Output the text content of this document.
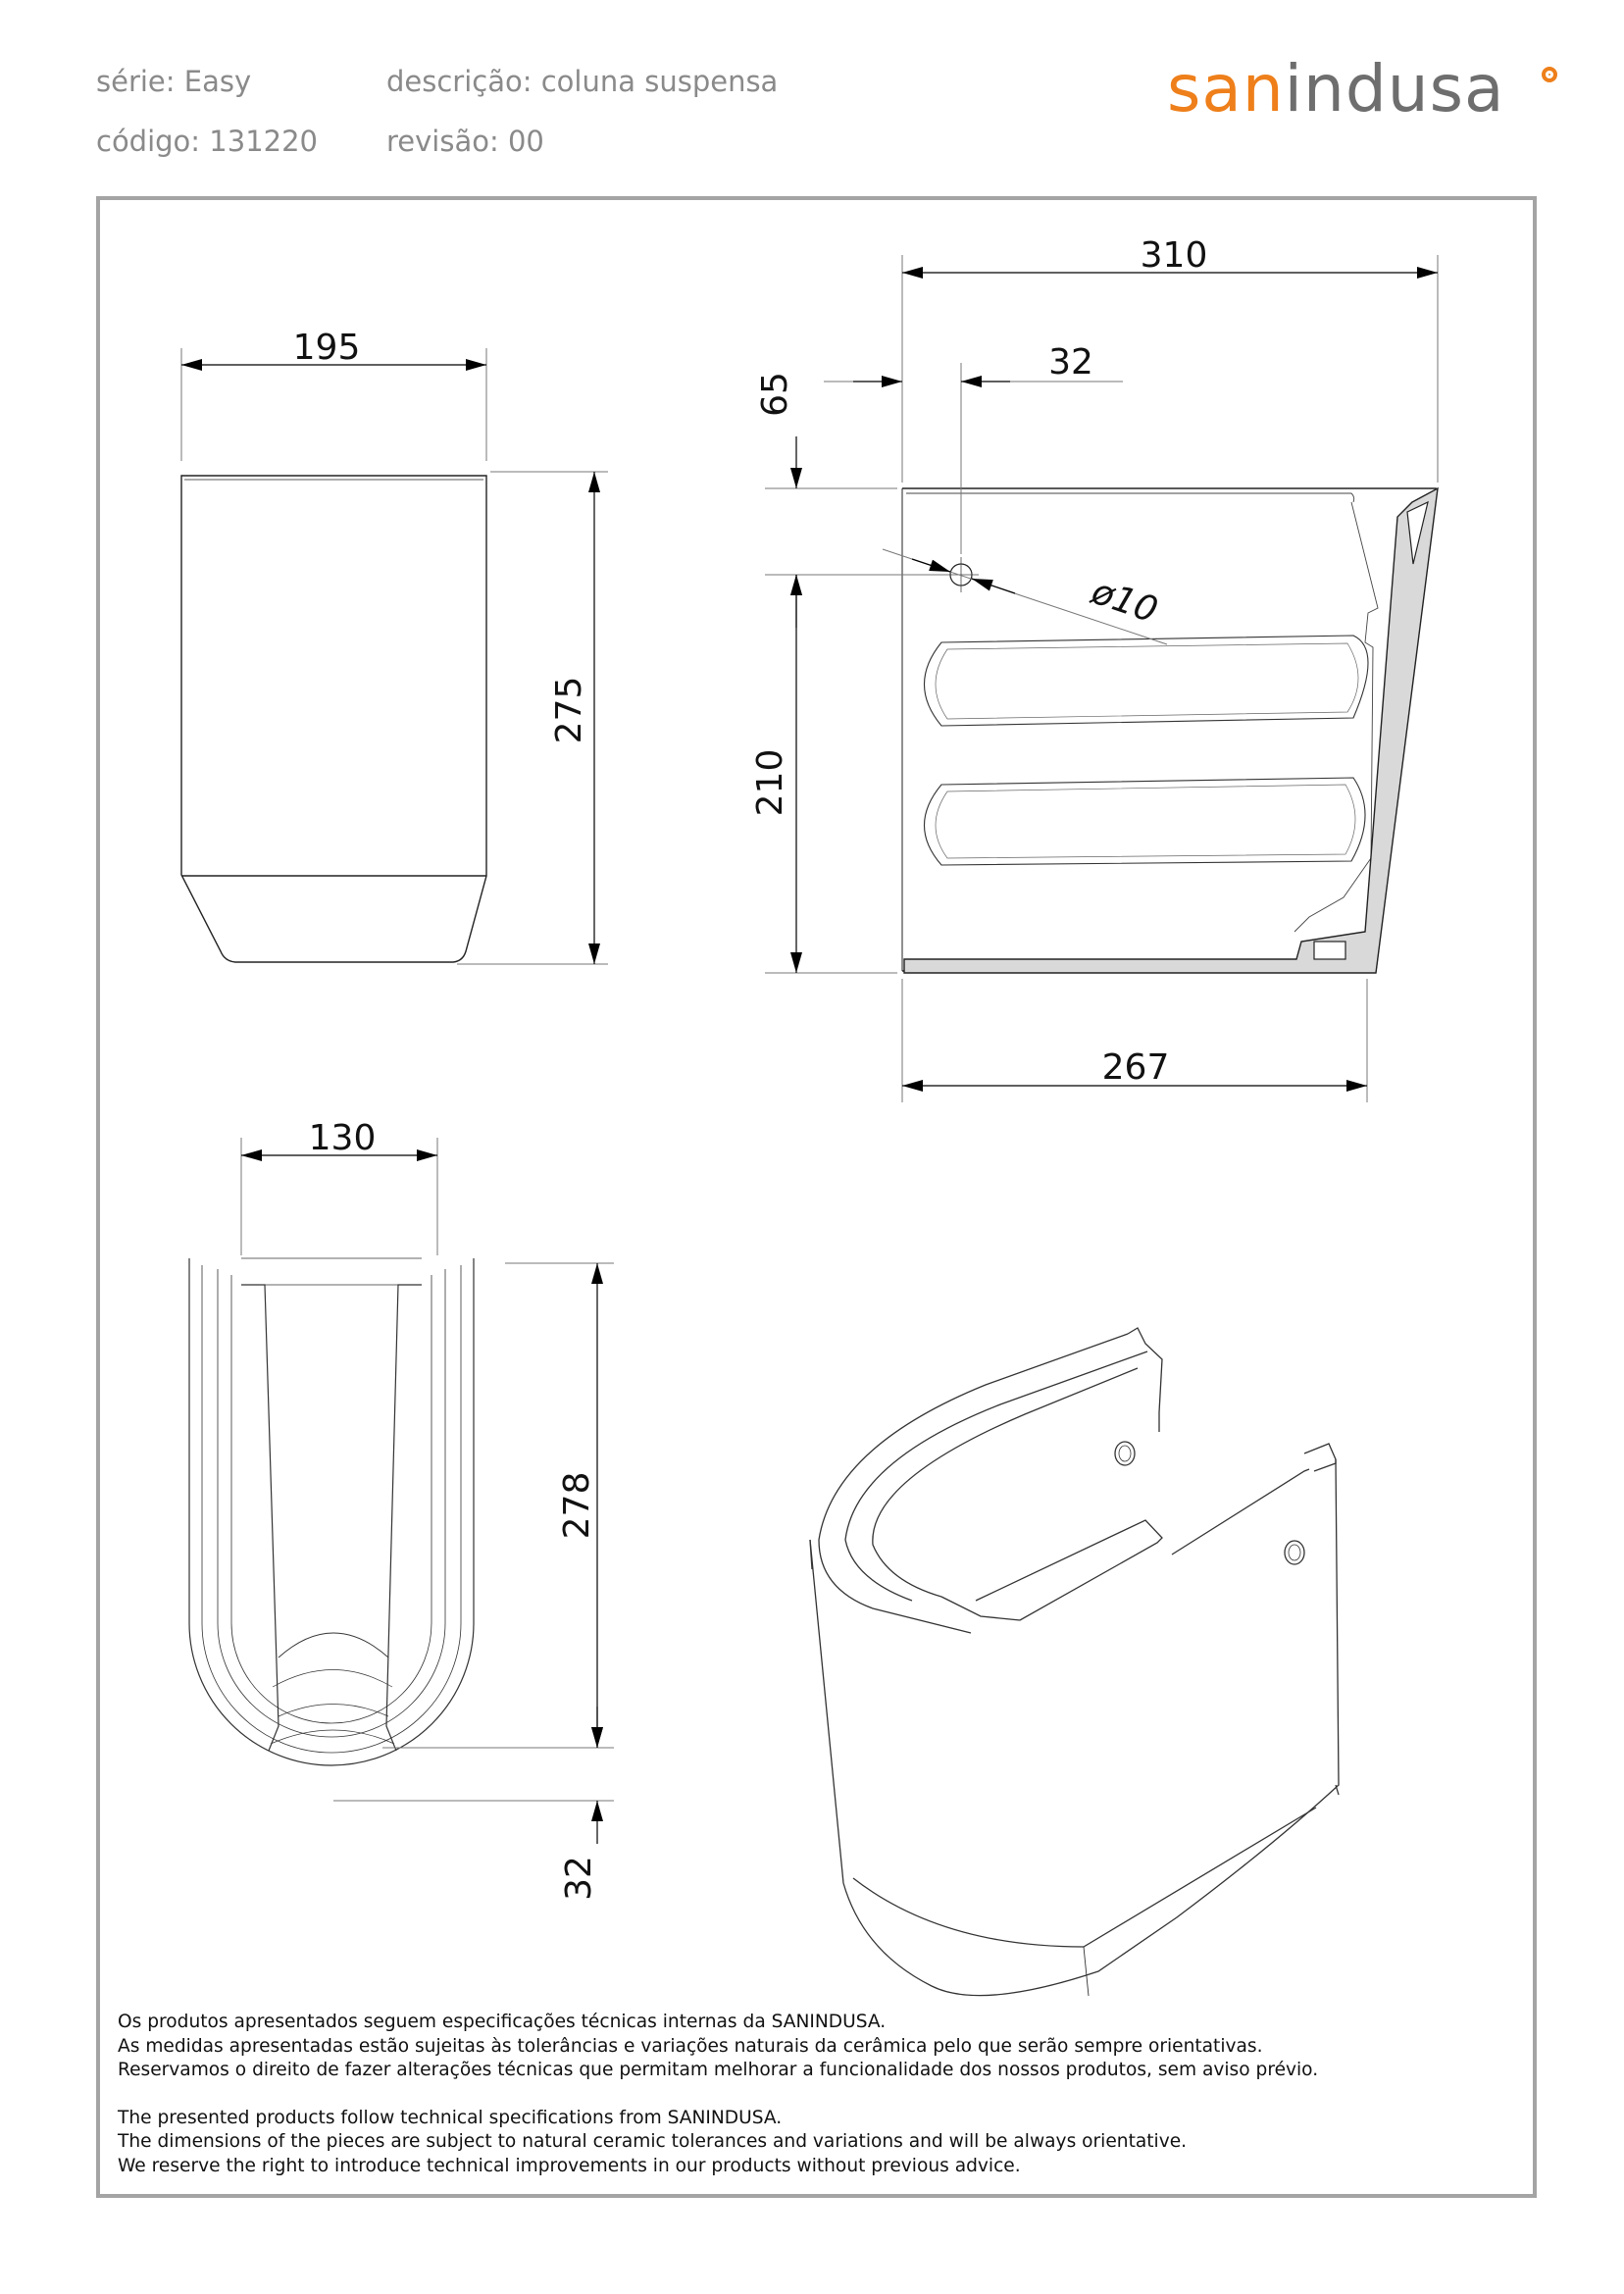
série: Easy	descrição: coluna suspensa
código: 131220 revisão: 00
sanindusa
195
275
310
32
65
ø10
210
267
130
278
32

Os produtos apresentados seguem especificações técnicas internas da SANINDUSA.

As medidas apresentadas estão sujeitas às tolerâncias e variações naturais da cerâmica pelo que serão sempre orientativas.

Reservamos o direito de fazer alterações técnicas que permitam melhorar a funcionalidade dos nossos produtos, sem aviso prévio.

The presented products follow technical specifications from SANINDUSA.

The dimensions of the pieces are subject to natural ceramic tolerances and variations and will be always orientative.

We reserve the right to introduce technical improvements in our products without previous advice.
